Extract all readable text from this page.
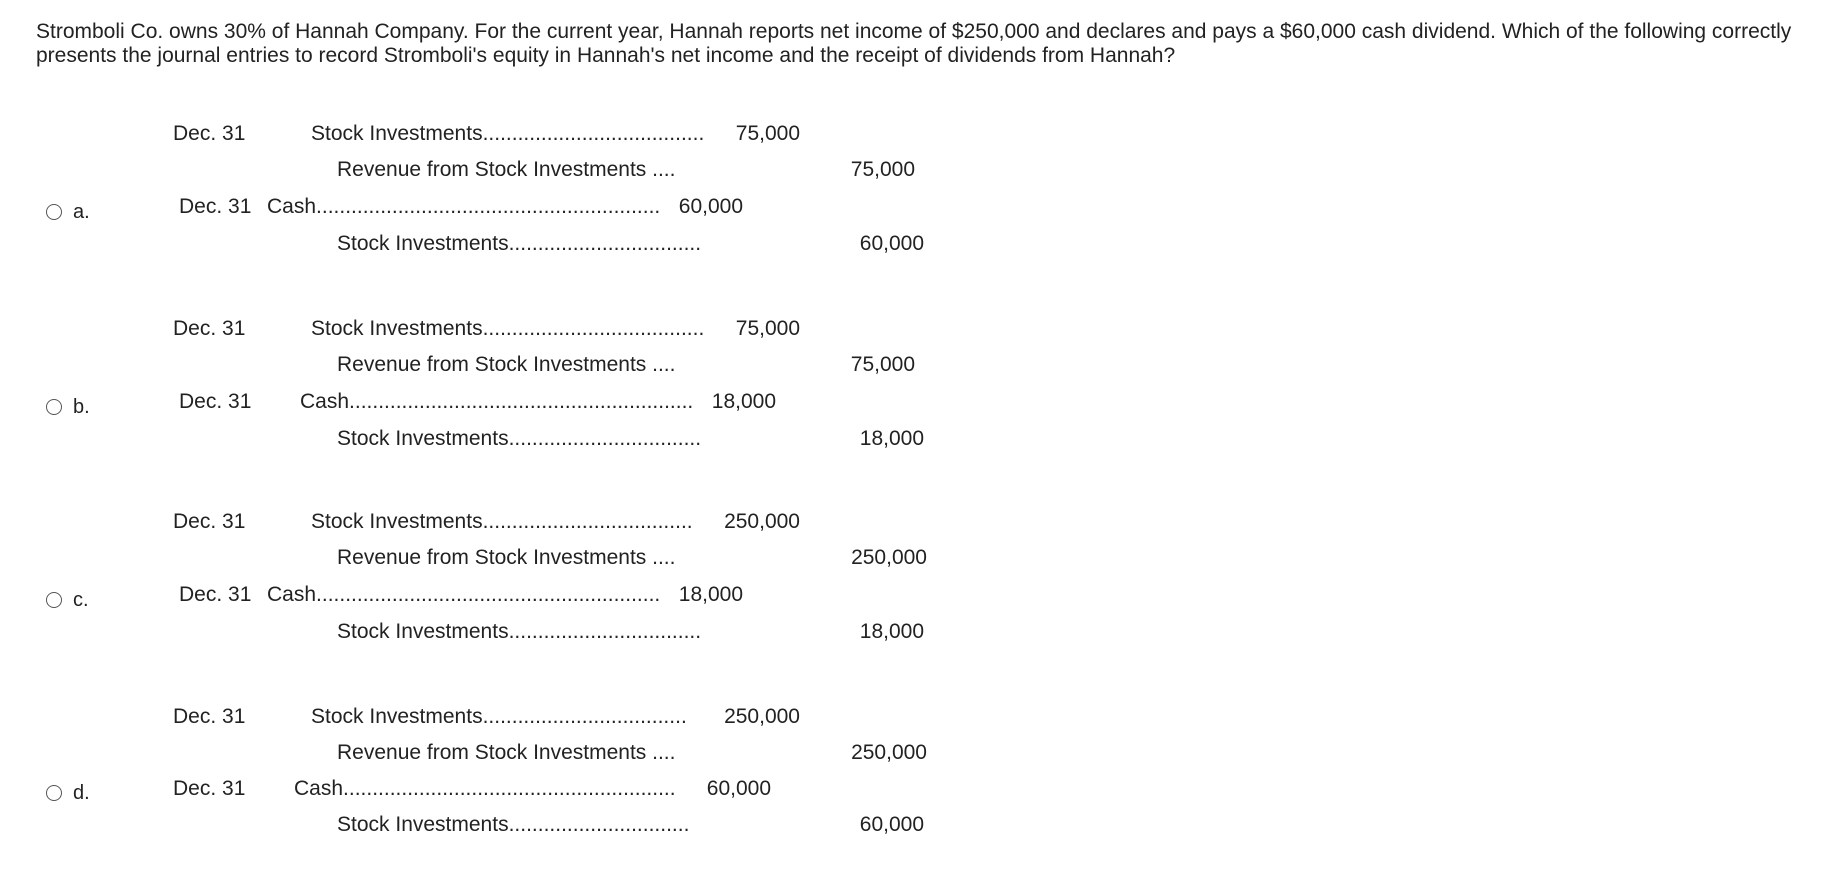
Stromboli Co. owns 30% of Hannah Company. For the current year, Hannah reports net income of $250,000 and declares and pays a $60,000 cash dividend. Which of the following correctly presents the journal entries to record Stromboli's equity in Hannah's net income and the receipt of dividends from Hannah?
Dec. 31	Stock Investments......................................	75,000
Revenue from Stock Investments ....	75,000
a.	Dec. 31 Cash........................................................... 60,000
Stock Investments.................................	60,000
Dec. 31	Stock Investments......................................	75,000
Revenue from Stock Investments ....	75,000
b.	Dec. 31 Cash........................................................... 18,000
Stock Investments.................................	18,000
Dec. 31	Stock Investments....................................	250,000
Revenue from Stock Investments ....	250,000
c.	Dec. 31 Cash........................................................... 18,000
Stock Investments.................................	18,000
Dec. 31	Stock Investments...................................	250,000
Revenue from Stock Investments ....	250,000
d.	Dec. 31 Cash.........................................................	60,000
Stock Investments...............................	60,000
